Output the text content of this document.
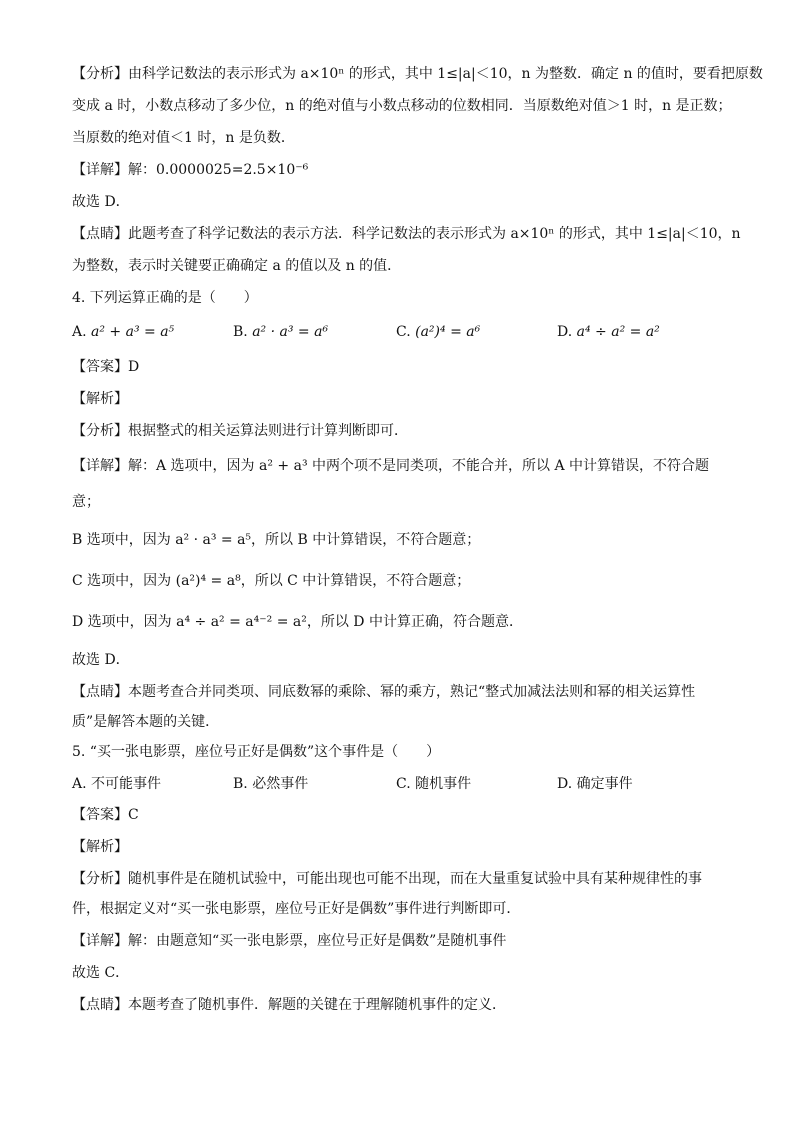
【分析】由科学记数法的表示形式为 a×10ⁿ 的形式，其中 1≤|a|＜10，n 为整数．确定 n 的值时，要看把原数
变成 a 时，小数点移动了多少位，n 的绝对值与小数点移动的位数相同．当原数绝对值＞1 时，n 是正数；
当原数的绝对值＜1 时，n 是负数．
【详解】解：0.0000025=2.5×10⁻⁶
故选 D．
【点睛】此题考查了科学记数法的表示方法．科学记数法的表示形式为 a×10ⁿ 的形式，其中 1≤|a|＜10，n
为整数，表示时关键要正确确定 a 的值以及 n 的值．
4. 下列运算正确的是（　　）
A. a² + a³ = a⁵	B. a² · a³ = a⁶	C. (a²)⁴ = a⁶	D. a⁴ ÷ a² = a²
【答案】D
【解析】
【分析】根据整式的相关运算法则进行计算判断即可．
【详解】解：A 选项中，因为 a² + a³ 中两个项不是同类项，不能合并，所以 A 中计算错误，不符合题
意；
B 选项中，因为 a² · a³ = a⁵，所以 B 中计算错误，不符合题意；
C 选项中，因为 (a²)⁴ = a⁸，所以 C 中计算错误，不符合题意；
D 选项中，因为 a⁴ ÷ a² = a⁴⁻² = a²，所以 D 中计算正确，符合题意．
故选 D．
【点睛】本题考查合并同类项、同底数幂的乘除、幂的乘方，熟记“整式加减法法则和幂的相关运算性
质”是解答本题的关键．
5. “买一张电影票，座位号正好是偶数”这个事件是（　　）
A. 不可能事件	B. 必然事件	C. 随机事件	D. 确定事件
【答案】C
【解析】
【分析】随机事件是在随机试验中，可能出现也可能不出现，而在大量重复试验中具有某种规律性的事
件，根据定义对“买一张电影票，座位号正好是偶数”事件进行判断即可．
【详解】解：由题意知“买一张电影票，座位号正好是偶数”是随机事件
故选 C．
【点睛】本题考查了随机事件．解题的关键在于理解随机事件的定义．
